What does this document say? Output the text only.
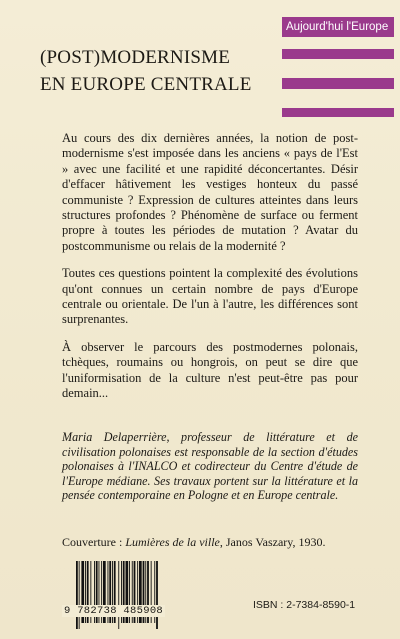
Aujourd'hui l'Europe
(POST)MODERNISME
EN EUROPE CENTRALE

Au cours des dix dernières années, la notion de post-modernisme s'est imposée dans les anciens « pays de l'Est » avec une facilité et une rapidité déconcertantes. Désir d'effacer hâtivement les vestiges honteux du passé communiste ? Expression de cultures atteintes dans leurs structures profondes ? Phénomène de surface ou ferment propre à toutes les périodes de mutation ? Avatar du postcommunisme ou relais de la modernité ?

Toutes ces questions pointent la complexité des évolutions qu'ont connues un certain nombre de pays d'Europe centrale ou orientale. De l'un à l'autre, les différences sont surprenantes.

À observer le parcours des postmodernes polonais, tchèques, roumains ou hongrois, on peut se dire que l'uniformisation de la culture n'est peut-être pas pour demain...

Maria Delaperrière, professeur de littérature et de civilisation polonaises est responsable de la section d'études polonaises à l'INALCO et codirecteur du Centre d'étude de l'Europe médiane. Ses travaux portent sur la littérature et la pensée contemporaine en Pologne et en Europe centrale.
Couverture : Lumières de la ville, Janos Vaszary, 1930.
9 782738 485908	ISBN : 2-7384-8590-1
